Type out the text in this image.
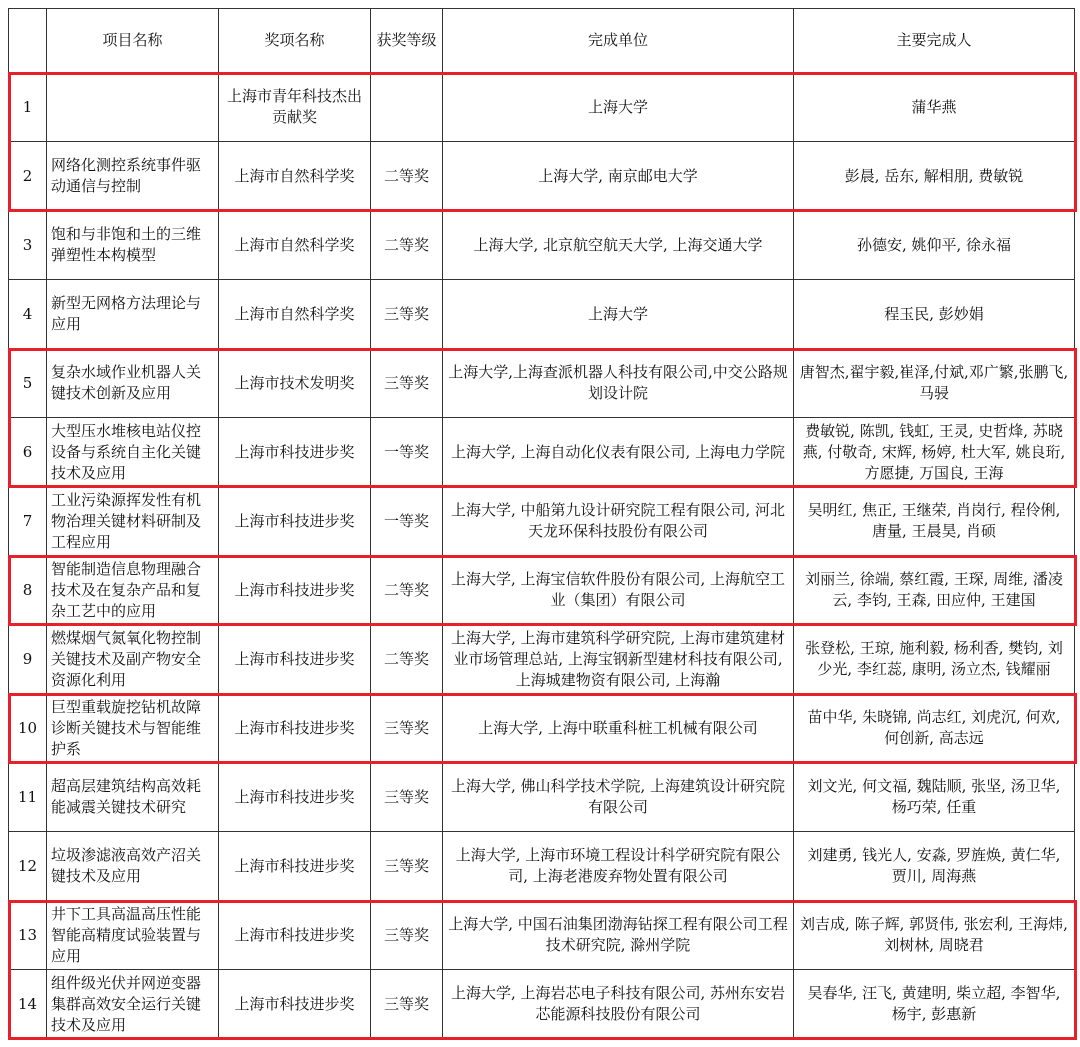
	项目名称	奖项名称	获奖等级	完成单位	主要完成人

1		上海市青年科技杰出贡献奖		上海大学	蒲华燕

2	网络化测控系统事件驱动通信与控制	上海市自然科学奖	二等奖	上海大学, 南京邮电大学	彭晨, 岳东, 解相朋, 费敏锐

3	饱和与非饱和土的三维弹塑性本构模型	上海市自然科学奖	二等奖	上海大学, 北京航空航天大学, 上海交通大学	孙德安, 姚仰平, 徐永福

4	新型无网格方法理论与应用	上海市自然科学奖	三等奖	上海大学	程玉民, 彭妙娟

5	复杂水域作业机器人关键技术创新及应用	上海市技术发明奖	三等奖	上海大学,上海查派机器人科技有限公司,中交公路规划设计院	唐智杰,翟宇毅,崔泽,付斌,邓广繁,张鹏飞,马骎

6	大型压水堆核电站仪控设备与系统自主化关键技术及应用	上海市科技进步奖	一等奖	上海大学, 上海自动化仪表有限公司, 上海电力学院	费敏锐, 陈凯, 钱虹, 王灵, 史哲烽, 苏晓燕, 付敬奇, 宋辉, 杨婷, 杜大军, 姚良珩, 方愿捷, 万国良, 王海

7	工业污染源挥发性有机物治理关键材料研制及工程应用	上海市科技进步奖	一等奖	上海大学, 中船第九设计研究院工程有限公司, 河北天龙环保科技股份有限公司	吴明红, 焦正, 王继荣, 肖岗行, 程伶俐, 唐量, 王晨昊, 肖硕

8	智能制造信息物理融合技术及在复杂产品和复杂工艺中的应用	上海市科技进步奖	二等奖	上海大学, 上海宝信软件股份有限公司, 上海航空工业（集团）有限公司	刘丽兰, 徐端, 蔡红霞, 王琛, 周维, 潘凌云, 李钧, 王森, 田应仲, 王建国

9	燃煤烟气氮氧化物控制关键技术及副产物安全资源化利用	上海市科技进步奖	二等奖	上海大学, 上海市建筑科学研究院, 上海市建筑建材业市场管理总站, 上海宝钢新型建材科技有限公司, 上海城建物资有限公司, 上海瀚	张登松, 王琼, 施利毅, 杨利香, 樊钧, 刘少光, 李红蕊, 康明, 汤立杰, 钱耀丽

10	巨型重载旋挖钻机故障诊断关键技术与智能维护系	上海市科技进步奖	三等奖	上海大学, 上海中联重科桩工机械有限公司	苗中华, 朱晓锦, 尚志红, 刘虎沉, 何欢, 何创新, 高志远

11	超高层建筑结构高效耗能减震关键技术研究	上海市科技进步奖	三等奖	上海大学, 佛山科学技术学院, 上海建筑设计研究院有限公司	刘文光, 何文福, 魏陆顺, 张坚, 汤卫华, 杨巧荣, 任重

12	垃圾渗滤液高效产沼关键技术及应用	上海市科技进步奖	三等奖	上海大学, 上海市环境工程设计科学研究院有限公司, 上海老港废弃物处置有限公司	刘建勇, 钱光人, 安淼, 罗旌焕, 黄仁华, 贾川, 周海燕

13	井下工具高温高压性能智能高精度试验装置与应用	上海市科技进步奖	三等奖	上海大学, 中国石油集团渤海钻探工程有限公司工程技术研究院, 滁州学院	刘吉成, 陈子辉, 郭贤伟, 张宏利, 王海炜, 刘树林, 周晓君

14	组件级光伏并网逆变器集群高效安全运行关键技术及应用	上海市科技进步奖	三等奖	上海大学, 上海岩芯电子科技有限公司, 苏州东安岩芯能源科技股份有限公司	吴春华, 汪飞, 黄建明, 柴立超, 李智华, 杨宇, 彭惠新
